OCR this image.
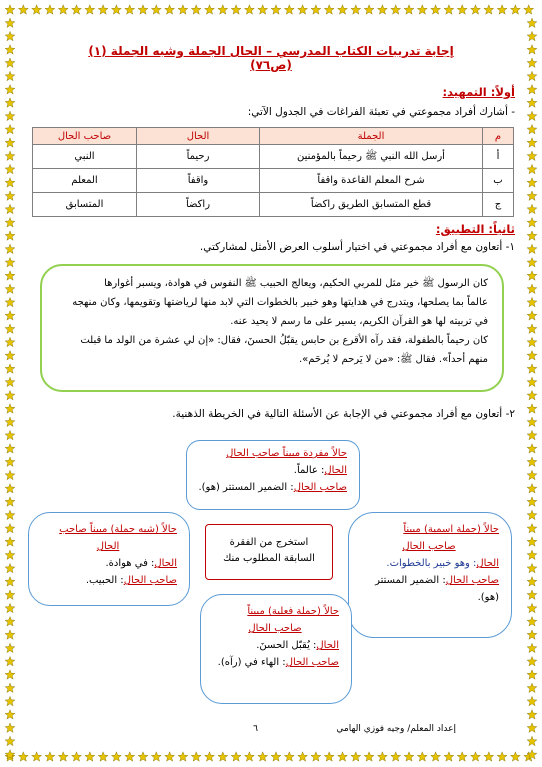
إجابة تدريبات الكتاب المدرسي – الحال الجملة وشبه الجملة (١) (ص٧٦)
أولاً: التمهيد:
- أشارك أفراد مجموعتي في تعبئة الفراغات في الجدول الآتي:
م	الجملة	الحال	صاحب الحال
أ	أرسل الله النبي ﷺ رحيماً بالمؤمنين	رحيماً	النبي
ب	شرح المعلم القاعدة واقفاً	واقفاً	المعلم
ج	قطع المتسابق الطريق راكضاً	راكضاً	المتسابق
ثانياً: التطبيق:
١- أتعاون مع أفراد مجموعتي في اختيار أسلوب العرض الأمثل لمشاركتي.
كان الرسول ﷺ خير مثل للمربي الحكيم، ويعالج الحبيب ﷺ النفوس في هوادة، ويسبر أغوارها
عالماً بما يصلحها، ويتدرج في هدايتها وهو خبير بالخطوات التي لابد منها لرياضتها وتقويمها، وكان منهجه
في تربيته لها هو القرآن الكريم، يسير على ما رسم لا يحيد عنه.
كان رحيماً بالطفولة، فقد رآه الأقرع بن حابس يقبّلُ الحسنَ، فقال: «إن لي عشرة من الولد ما قبلت
منهم أحداً». فقال ﷺ: «من لا يَرحم لا يُرحَم».
٢- أتعاون مع أفراد مجموعتي في الإجابة عن الأسئلة التالية في الخريطة الذهنية.
حالاً مفردة مبيناً صاحب الحال
الحال: عالماً.
صاحب الحال: الضمير المستتر (هو).
حالاً (جملة اسمية) مبيناً
صاحب الحال
الحال: وهو خبير بالخطوات.
صاحب الحال: الضمير المستتر
(هو).
حالاً (شبه جملة) مبيناً صاحب
الحال
الحال: في هوادة.
صاحب الحال: الحبيب.
استخرج من الفقرة
السابقة المطلوب منك
حالاً (جملة فعلية) مبيناً
صاحب الحال
الحال: يُقبّل الحسنَ.
صاحب الحال: الهاء في (رآه).
إعداد المعلم/ وجيه فوزي الهامي
٦
